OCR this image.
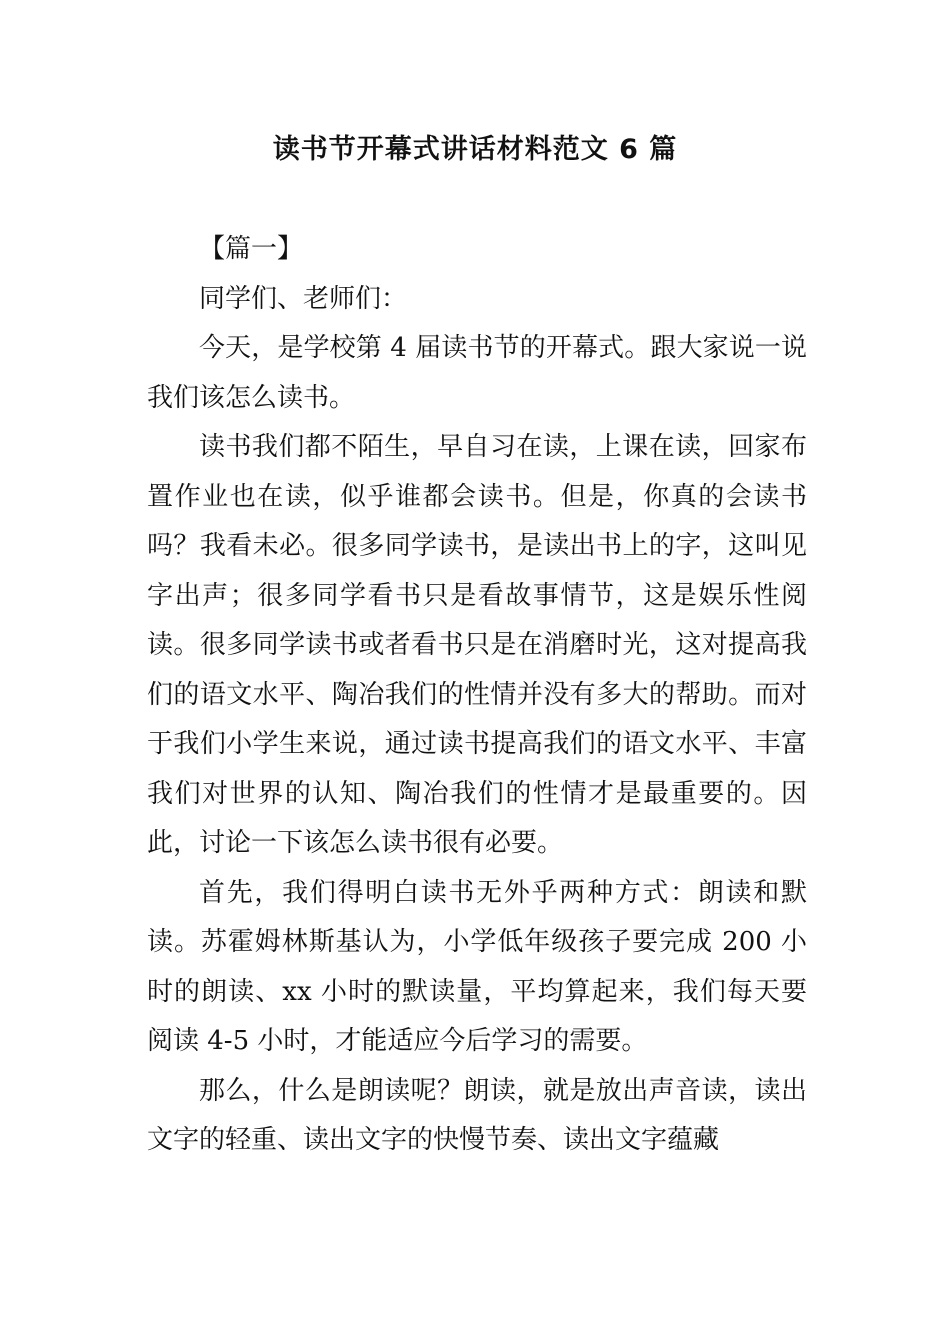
读书节开幕式讲话材料范文 6 篇

【篇一】

同学们、老师们：

今天，是学校第 4 届读书节的开幕式。跟大家说一说我们该怎么读书。

读书我们都不陌生，早自习在读，上课在读，回家布置作业也在读，似乎谁都会读书。但是，你真的会读书吗？我看未必。很多同学读书，是读出书上的字，这叫见字出声；很多同学看书只是看故事情节，这是娱乐性阅读。很多同学读书或者看书只是在消磨时光，这对提高我们的语文水平、陶冶我们的性情并没有多大的帮助。而对于我们小学生来说，通过读书提高我们的语文水平、丰富我们对世界的认知、陶冶我们的性情才是最重要的。因此，讨论一下该怎么读书很有必要。

首先，我们得明白读书无外乎两种方式：朗读和默读。苏霍姆林斯基认为，小学低年级孩子要完成 200 小时的朗读、xx 小时的默读量，平均算起来，我们每天要阅读 4-5 小时，才能适应今后学习的需要。

那么，什么是朗读呢？朗读，就是放出声音读，读出文字的轻重、读出文字的快慢节奏、读出文字蕴藏
